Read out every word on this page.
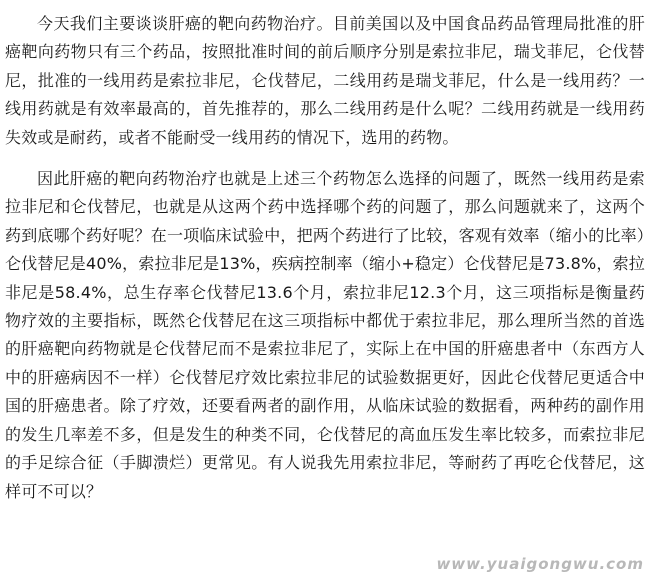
今天我们主要谈谈肝癌的靶向药物治疗。目前美国以及中国食品药品管理局批准的肝癌靶向药物只有三个药品，按照批准时间的前后顺序分别是索拉非尼，瑞戈菲尼，仑伐替尼，批准的一线用药是索拉非尼，仑伐替尼，二线用药是瑞戈菲尼，什么是一线用药？一线用药就是有效率最高的，首先推荐的，那么二线用药是什么呢？二线用药就是一线用药失效或是耐药，或者不能耐受一线用药的情况下，选用的药物。

因此肝癌的靶向药物治疗也就是上述三个药物怎么选择的问题了，既然一线用药是索拉非尼和仑伐替尼，也就是从这两个药中选择哪个药的问题了，那么问题就来了，这两个药到底哪个药好呢？在一项临床试验中，把两个药进行了比较，客观有效率（缩小的比率）仑伐替尼是40%，索拉非尼是13%，疾病控制率（缩小+稳定）仑伐替尼是73.8%，索拉非尼是58.4%，总生存率仑伐替尼13.6个月，索拉非尼12.3个月，这三项指标是衡量药物疗效的主要指标，既然仑伐替尼在这三项指标中都优于索拉非尼，那么理所当然的首选的肝癌靶向药物就是仑伐替尼而不是索拉非尼了，实际上在中国的肝癌患者中（东西方人中的肝癌病因不一样）仑伐替尼疗效比索拉非尼的试验数据更好，因此仑伐替尼更适合中国的肝癌患者。除了疗效，还要看两者的副作用，从临床试验的数据看，两种药的副作用的发生几率差不多，但是发生的种类不同，仑伐替尼的高血压发生率比较多，而索拉非尼的手足综合征（手脚溃烂）更常见。有人说我先用索拉非尼，等耐药了再吃仑伐替尼，这样可不可以？

www.yuaigongwu.com
